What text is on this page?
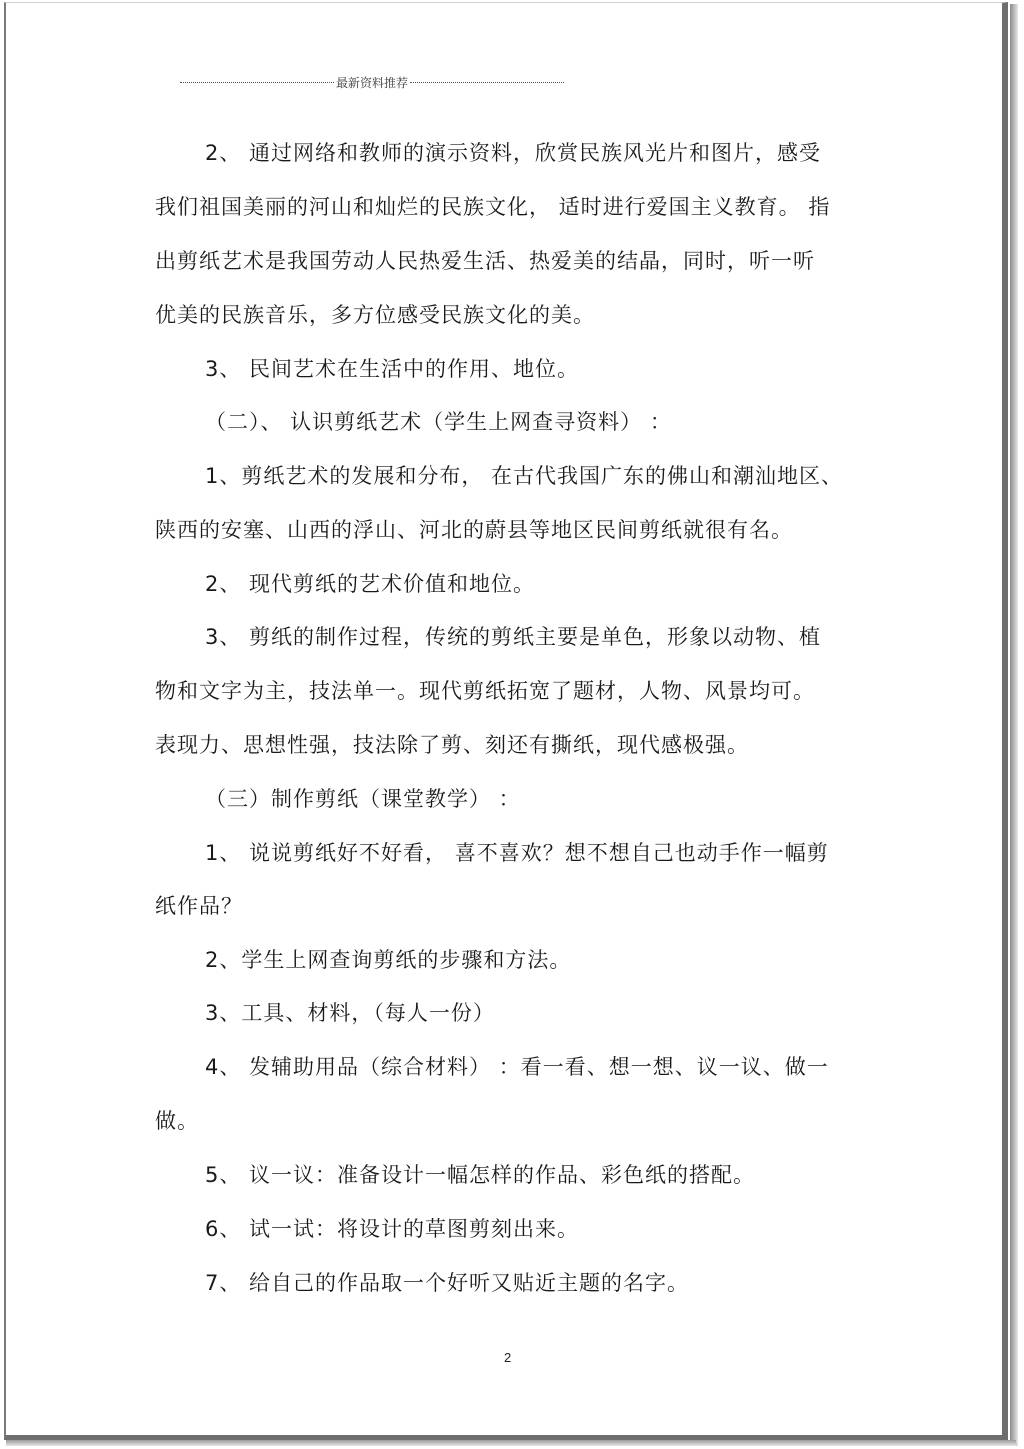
最新资料推荐
2、 通过网络和教师的演示资料，欣赏民族风光片和图片，感受
我们祖国美丽的河山和灿烂的民族文化， 适时进行爱国主义教育。 指
出剪纸艺术是我国劳动人民热爱生活、热爱美的结晶，同时，听一听
优美的民族音乐，多方位感受民族文化的美。
3、 民间艺术在生活中的作用、地位。
（二）、 认识剪纸艺术（学生上网查寻资料） ：
1、剪纸艺术的发展和分布， 在古代我国广东的佛山和潮汕地区、
陕西的安塞、山西的浮山、河北的蔚县等地区民间剪纸就很有名。
2、 现代剪纸的艺术价值和地位。
3、 剪纸的制作过程，传统的剪纸主要是单色，形象以动物、植
物和文字为主，技法单一。现代剪纸拓宽了题材，人物、风景均可。
表现力、思想性强，技法除了剪、刻还有撕纸，现代感极强。
（三）制作剪纸（课堂教学） ：
1、 说说剪纸好不好看， 喜不喜欢？想不想自己也动手作一幅剪
纸作品？
2、学生上网查询剪纸的步骤和方法。
3、工具、材料，（每人一份）
4、 发辅助用品（综合材料） ：看一看、想一想、议一议、做一
做。
5、 议一议：准备设计一幅怎样的作品、彩色纸的搭配。
6、 试一试：将设计的草图剪刻出来。
7、 给自己的作品取一个好听又贴近主题的名字。
2
